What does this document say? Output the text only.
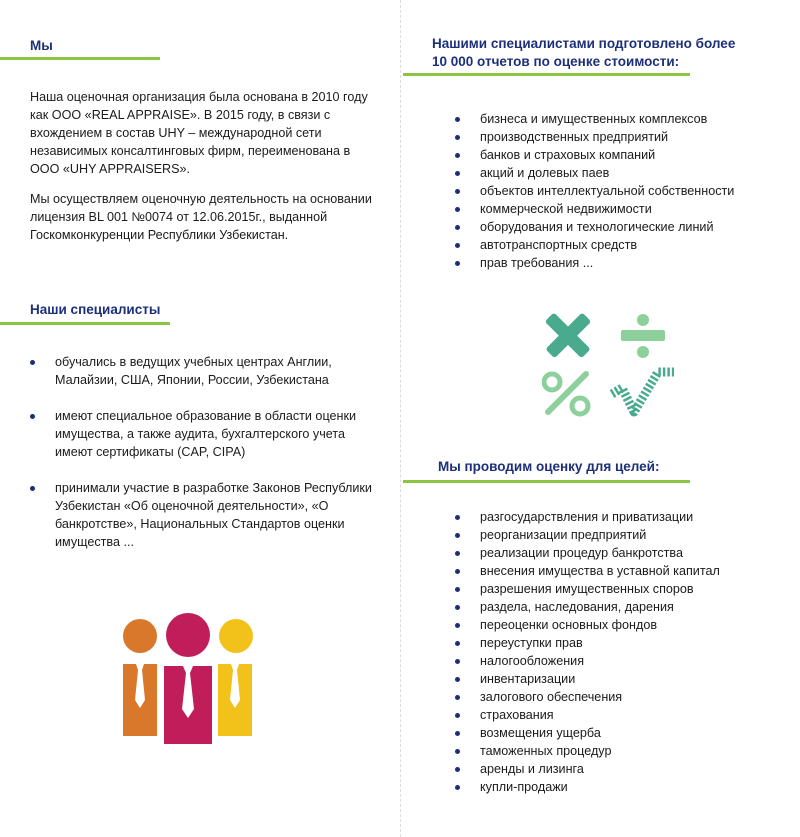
Мы

Наша оценочная организация была основана в 2010 году как ООО «REAL APPRAISE». В 2015 году, в связи с вхождением в состав UHY – международной сети независимых консалтинговых фирм, переименована в ООО «UHY APPRAISERS».

Мы осуществляем оценочную деятельность на основании лицензия BL 001 №0074 от 12.06.2015г., выданной Госкомконкуренции Республики Узбекистан.

Наши специалисты
обучались в ведущих учебных центрах Англии, Малайзии, США, Японии, России, Узбекистана
имеют специальное образование в области оценки имущества, а также аудита, бухгалтерского учета имеют сертификаты (CAP, CIPA)
принимали участие в разработке Законов Республики Узбекистан «Об оценочной деятельности», «О банкротстве», Национальных Стандартов оценки имущества ...
Нашими специалистами подготовлено более
10 000 отчетов по оценке стоимости:
бизнеса и имущественных комплексов
производственных предприятий
банков и страховых компаний
акций и долевых паев
объектов интеллектуальной собственности
коммерческой недвижимости
оборудования и технологические линий
автотранспортных средств
прав требования ...
Мы проводим оценку для целей:
разгосударствления и приватизации
реорганизации предприятий
реализации процедур банкротства
внесения имущества в уставной капитал
разрешения имущественных споров
раздела, наследования, дарения
переоценки основных фондов
переуступки прав
налогообложения
инвентаризации
залогового обеспечения
страхования
возмещения ущерба
таможенных процедур
аренды и лизинга
купли-продажи
